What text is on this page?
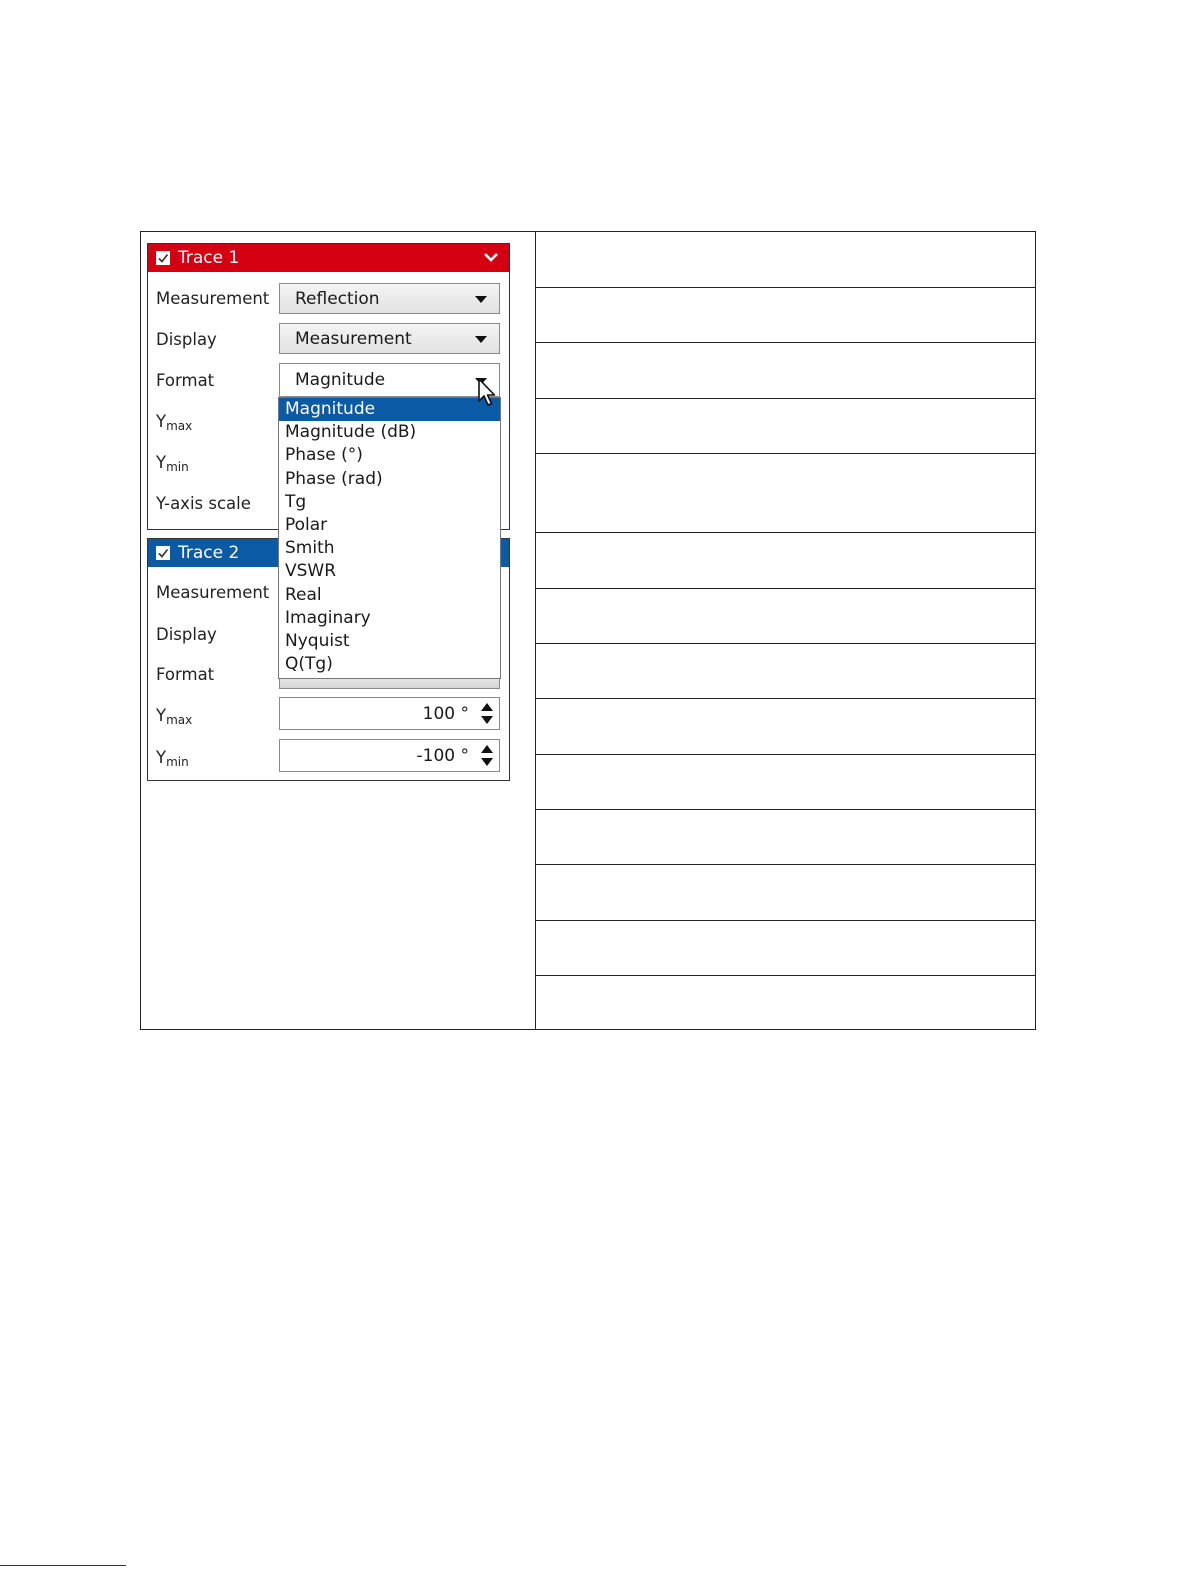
Trace 1
Measurement Reflection
Display	Measurement
Format	Magnitude
$Y_{max}$
$Y_{min}$
Y-axis scale
Trace 2
Measurement
Display
Format
$Y_{max}$	100 °
$Y_{min}$	-100 °
Magnitude
Magnitude (dB)
Phase (°)
Phase (rad)
Tg
Polar
Smith
VSWR
Real
Imaginary
Nyquist
Q(Tg)
